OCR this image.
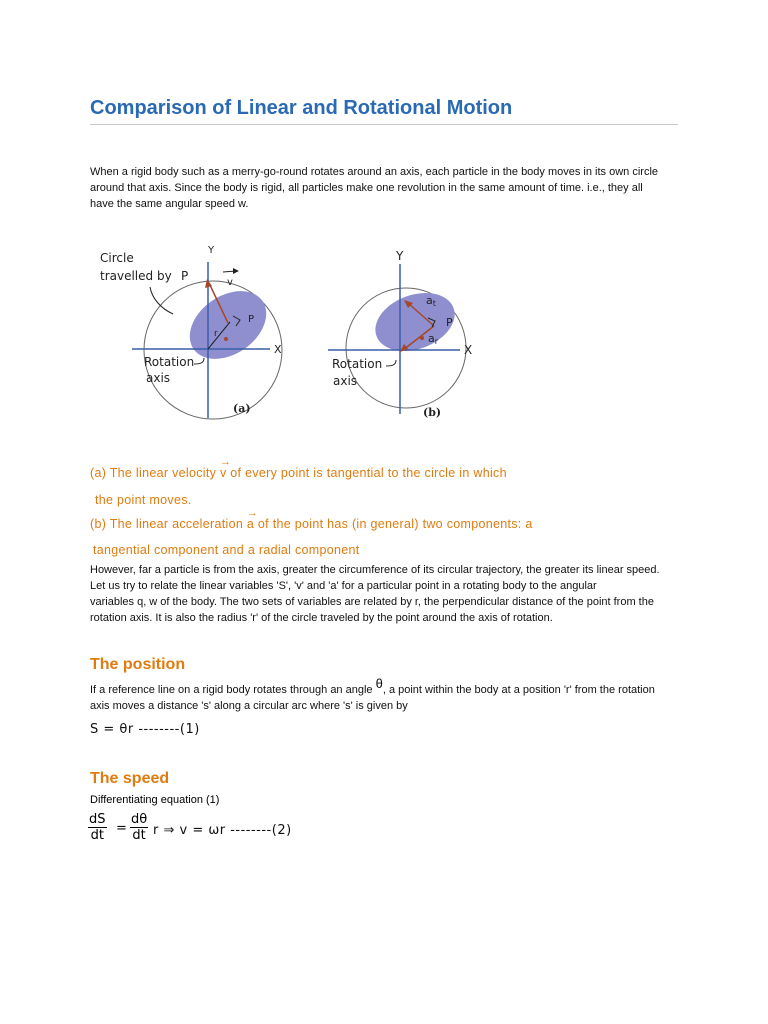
Comparison of Linear and Rotational Motion
When a rigid body such as a merry-go-round rotates around an axis, each particle in the body moves in its own circle
around that axis. Since the body is rigid, all particles make one revolution in the same amount of time. i.e., they all
have the same angular speed w.
Circle
travelled by P
Y
X
v
r
P
Rotation
axis
(a)
Y
X
at
ar
P
Rotation
axis
(b)
(a) The linear velocity
→
v of every point is tangential to the circle in which
the point moves.
(b) The linear acceleration
→
a of the point has (in general) two components: a
tangential component and a radial component
However, far a particle is from the axis, greater the circumference of its circular trajectory, the greater its linear speed.
Let us try to relate the linear variables 'S', 'v' and 'a' for a particular point in a rotating body to the angular
variables q, w of the body. The two sets of variables are related by r, the perpendicular distance of the point from the
rotation axis. It is also the radius 'r' of the circle traveled by the point around the axis of rotation.
The position
If a reference line on a rigid body rotates through an angle θ, a point within the body at a position 'r' from the rotation
axis moves a distance 's' along a circular arc where 's' is given by
S = θr --------(1)
The speed
Differentiating equation (1)
$\frac{dS}{dt} = \frac{d\theta}{dt}$ r ⇒ v = ωr --------(2)
